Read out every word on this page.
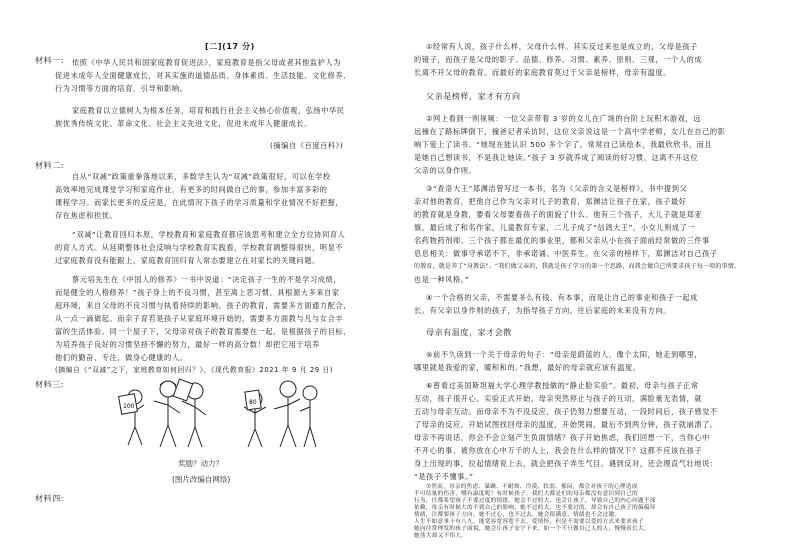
[二](17 分)
材料一: 依照《中华人民共和国家庭教育促进法》，家庭教育是指父母或者其他监护人为
促进未成年人全面健康成长，对其实施的道德品质、身体素质、生活技能、文化修养、
行为习惯等方面的培育、引导和影响。
家庭教育以立德树人为根本任务，培育和践行社会主义核心价值观，弘扬中华民
族优秀传统文化、革命文化、社会主义先进文化，促进未成年人健康成长。
(摘编自《百度百科》)
材料二:
自从“双减”政策重拳落地以来，多数学生认为“双减”政策很好，可以在学校
高效率地完成课堂学习和家庭作业，有更多的时间做自己的事，参加丰富多彩的
课程学习。而家长更多的反应是，在此情况下孩子的学习质量和学业情况不好把握，
存在焦虑和担忧。
“双减”让教育回归本原，学校教育和家庭教育都应该思考和建立全方位协同育人
的育人方式。从延期整体社会反响与学校教育实践看，学校教育调整得很快，明显不
过家庭教育没有能跟上，家庭教育回归育人常态要建立在对家长的关键问题。
蔡元培先生在《中国人的修养》一书中说道：“决定孩子一生的不是学习成绩，
而是健全的人格修养！”孩子身上的不良习惯，甚至离上恶习惯，具根源大多来自家
庭环境，来自父母的不良习惯与执着持续的影响。孩子的教育，需要多方面通力配合，
从一点一滴做起。而亲子育若是孩子从家庭环境开始的，需要多方面教与凡与女合丰
富的生活体验。同一个屋子下，父母亲对孩子的教育需要在一起，是根据孩子的目标，
为培养孩子良好的习惯坚持不懈的努力，最好一样的高分数！却把它用于培养
他们的勤奋、专注，做身心健康的人。
(摘编自《“双减”之下，家庭教育如何回归？》，《现代教育报》2021 年 9 月 29 日)
材料三:
100
80
奖励？动力？
(图片改编自网络)
材料四:
①经常有人说，孩子什么样，父母什么样。其实反过来也是成立的，父母是孩子
的镜子，而孩子是父母的影子。品德、修养、习惯、素养、原则、三观，一个人的成
长离不开父母的教育。而最好的家庭教育莫过于父亲是榜样，母亲有温度。
父亲是榜样，家才有方向
②网上看到一则视频：一位父亲带着 3 岁的女儿在广场的台阶上玩积木游戏，远
远撞在了路标牌倒下，撞爸记者采访时，这位父亲说这是一个高中学老师，女儿在自己的影
响下爱上了读书。“她现在能认识 500 多个字了，常常自己读绘本，我最欣欣书，而且
是她自己想读书，不是我让她读。”孩子 3 岁就养成了阅读的好习惯，这离不开这位
父亲的以身作则。
③“查洛大王”郑渊洁曾写过一本书，名为《父亲的含义是榜样》，书中提到父
亲对他的教育，把他自己作为父亲对儿子的教育，郑渊洁让孩子在家，孩子最好
的教育就是身教，要看父母要看孩子的面貌了什么。他有三个孩子，大儿子就是郑亚
旗，最后成了和名作家，儿童教育专家，二儿子成了“信鸽大王”，小女儿则成了一
名药物药剂师。三个孩子都在最优的事业里，都和父亲从小在孩子面前经常做的三件事
息息相关：做事守承诺不下，非承诺诵、中医养生。在父亲的榜样下，郑渊洁对自己孩子
的教育，就是养了“身教法”。“我们做父亲的，我就是孩子学习的第一个思路，而我会做自己所要求孩子每一项的事情、
也是一种风格。”
④一个合格的父亲，不需要多么有钱、有本事，而是让自己的事业和孩子一起成
长。有父亲以身作则的孩子，为指导孩子方向，往后家庭的未来没有方向。
母亲有温度，家才会散
⑤前不久读到一个关于母亲的句子：“母亲是蔚蓝的人，像个太阳，她走到哪里，
哪里就是我爱的家，暖和和的。”我想，最好的母亲就应该有温度。
⑥曾看过美国斯坦福大学心理学教授做的“静止脸实验”。最初，母亲与孩子正常
互动，孩子很开心。实验正式开始，母亲突然停止与孩子的互动，满脸毫无表情，就
五动与母亲互动。而母亲不为不没反应，孩子仍努力想要互动，一段时间后，孩子感觉不
了母亲的反应，开始试图找回母亲的温度，开始哭闹，最后不到两分钟，孩子就崩溃了。
母亲不再说话，你会不会立刻产生负面情绪？孩子开始焦虑，我们回想一下，当你心中
不开心的事，被你放在心中万千的人上，我会在什么样的情况下？这都不应该在孩子
身上出现的事，拉起情绪说上去，就会把孩子弄生气目。遇到反对，还会理直气壮地说：
“是孩子不懂事。”
⑦然而，母亲的焦虑、暴躁、不耐烦、冷漠、软弱、郁闷，都会对孩子的心理造成
不可估量的伤害，哪有温度呢？有时候孩子，我们大都是们的母亲都没有意识到自己的
行为，往都希望孩子不要过度的情绪，她会不过的大，也会让孩子，导致自己的内心问题不深
依赖，母亲有时候大的不到自己的影响，她不过的大，也不要过的，却会有自己孩子的偏偏坏
情绪，注都要孩子方向，她不过心，也不过去，她会很满意，情绪也不会过激。
人生不如意事十有八九，能宽容宽容宽不去，爱情怀，但是不需要以爱的方式来要求孩子
她向往常理发的孩子面貌，她会让孩子安宁下来，如一个不只做自己人的人，慢慢看长大，
她伟大却又不伟大。
